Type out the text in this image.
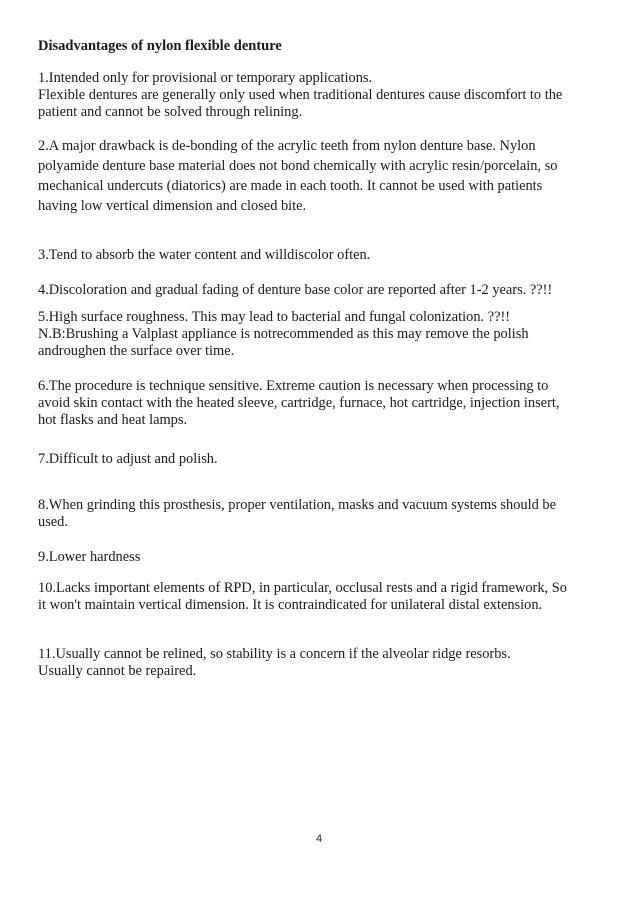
Disadvantages of nylon flexible denture
1.Intended only for provisional or temporary applications.
Flexible dentures are generally only used when traditional dentures cause discomfort to the
patient and cannot be solved through relining.
2.A major drawback is de-bonding of the acrylic teeth from nylon denture base. Nylon
polyamide denture base material does not bond chemically with acrylic resin/porcelain, so
mechanical undercuts (diatorics) are made in each tooth. It cannot be used with patients
having low vertical dimension and closed bite.
3.Tend to absorb the water content and willdiscolor often.
4.Discoloration and gradual fading of denture base color are reported after 1-2 years. ??!!
5.High surface roughness. This may lead to bacterial and fungal colonization. ??!!
N.B:Brushing a Valplast appliance is notrecommended as this may remove the polish
androughen the surface over time.
6.The procedure is technique sensitive. Extreme caution is necessary when processing to
avoid skin contact with the heated sleeve, cartridge, furnace, hot cartridge, injection insert,
hot flasks and heat lamps.
7.Difficult to adjust and polish.
8.When grinding this prosthesis, proper ventilation, masks and vacuum systems should be
used.
9.Lower hardness
10.Lacks important elements of RPD, in particular, occlusal rests and a rigid framework, So
it won't maintain vertical dimension. It is contraindicated for unilateral distal extension.
11.Usually cannot be relined, so stability is a concern if the alveolar ridge resorbs.
Usually cannot be repaired.
4
